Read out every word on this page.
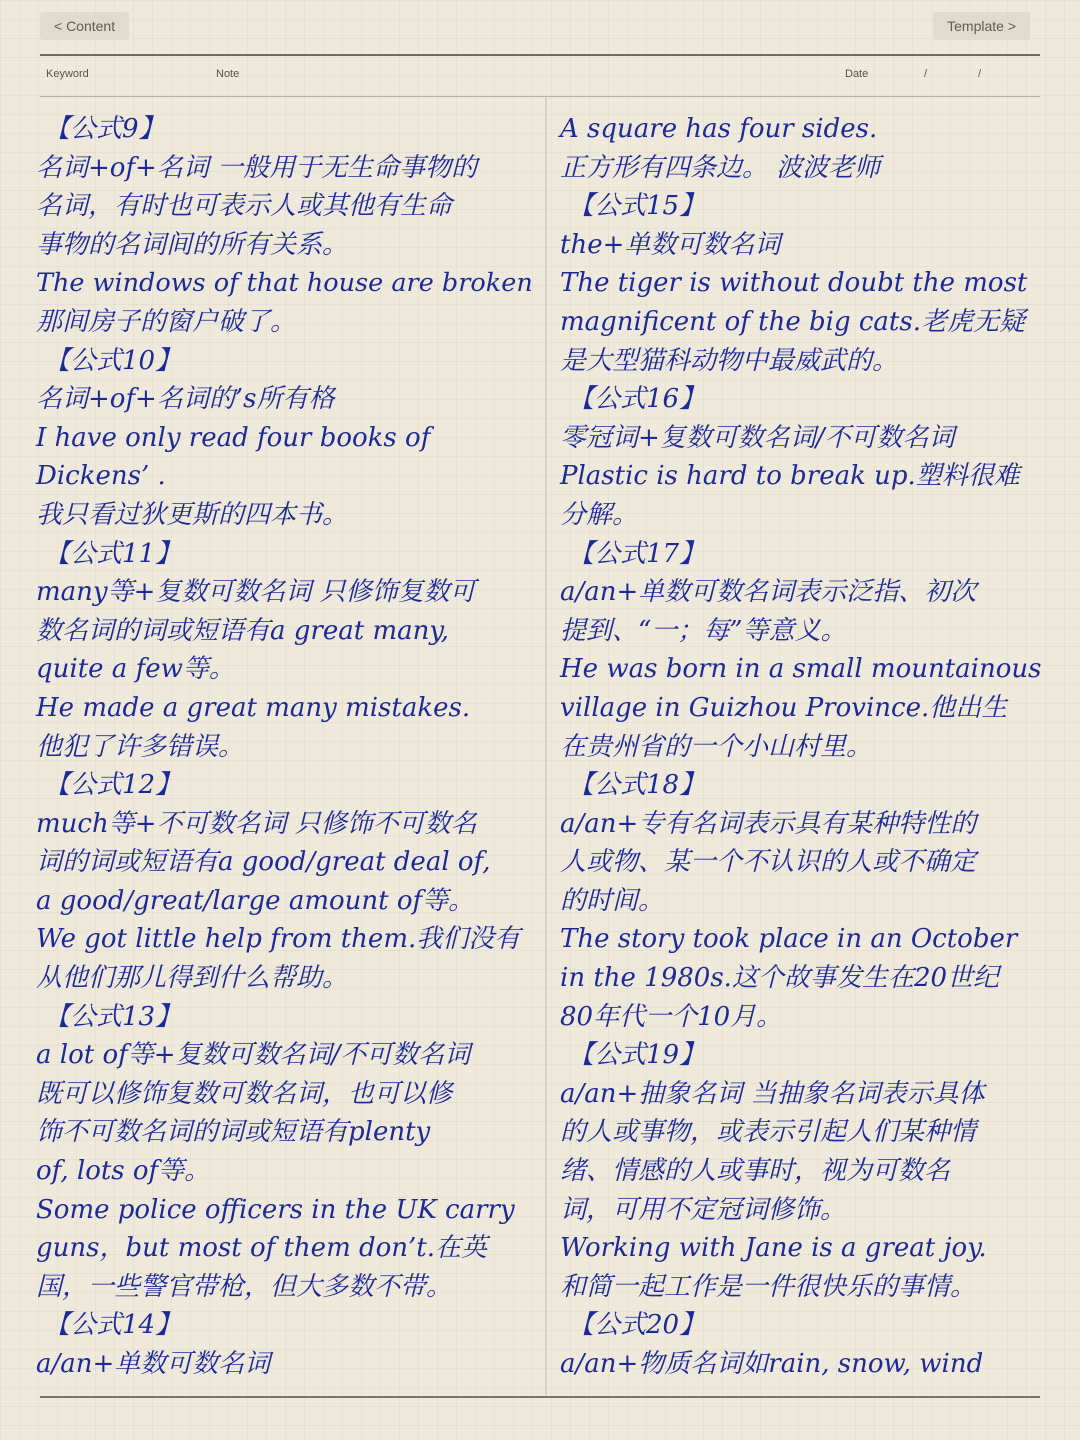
< Content	Template >
Keyword	Note	Date	/	/
【公式9】
名词+of+名词 一般用于无生命事物的
名词，有时也可表示人或其他有生命
事物的名词间的所有关系。
The windows of that house are broken
那间房子的窗户破了。
【公式10】
名词+of+名词的’s所有格
I have only read four books of
Dickens’ .
我只看过狄更斯的四本书。
【公式11】
many等+复数可数名词 只修饰复数可
数名词的词或短语有a great many,
quite a few等。
He made a great many mistakes.
他犯了许多错误。
【公式12】
much等+不可数名词 只修饰不可数名
词的词或短语有a good/great deal of,
a good/great/large amount of等。
We got little help from them.我们没有
从他们那儿得到什么帮助。
【公式13】
a lot of等+复数可数名词/不可数名词
既可以修饰复数可数名词，也可以修
饰不可数名词的词或短语有plenty
of, lots of等。
Some police officers in the UK carry
guns，but most of them don’t.在英
国，一些警官带枪，但大多数不带。
【公式14】
a/an+单数可数名词
A square has four sides.
正方形有四条边。 波波老师
【公式15】
the+单数可数名词
The tiger is without doubt the most
magnificent of the big cats.老虎无疑
是大型猫科动物中最威武的。
【公式16】
零冠词+复数可数名词/不可数名词
Plastic is hard to break up.塑料很难
分解。
【公式17】
a/an+单数可数名词表示泛指、初次
提到、“一；每”等意义。
He was born in a small mountainous
village in Guizhou Province.他出生
在贵州省的一个小山村里。
【公式18】
a/an+专有名词表示具有某种特性的
人或物、某一个不认识的人或不确定
的时间。
The story took place in an October
in the 1980s.这个故事发生在20世纪
80年代一个10月。
【公式19】
a/an+抽象名词 当抽象名词表示具体
的人或事物，或表示引起人们某种情
绪、情感的人或事时，视为可数名
词，可用不定冠词修饰。
Working with Jane is a great joy.
和简一起工作是一件很快乐的事情。
【公式20】
a/an+物质名词如rain, snow, wind
